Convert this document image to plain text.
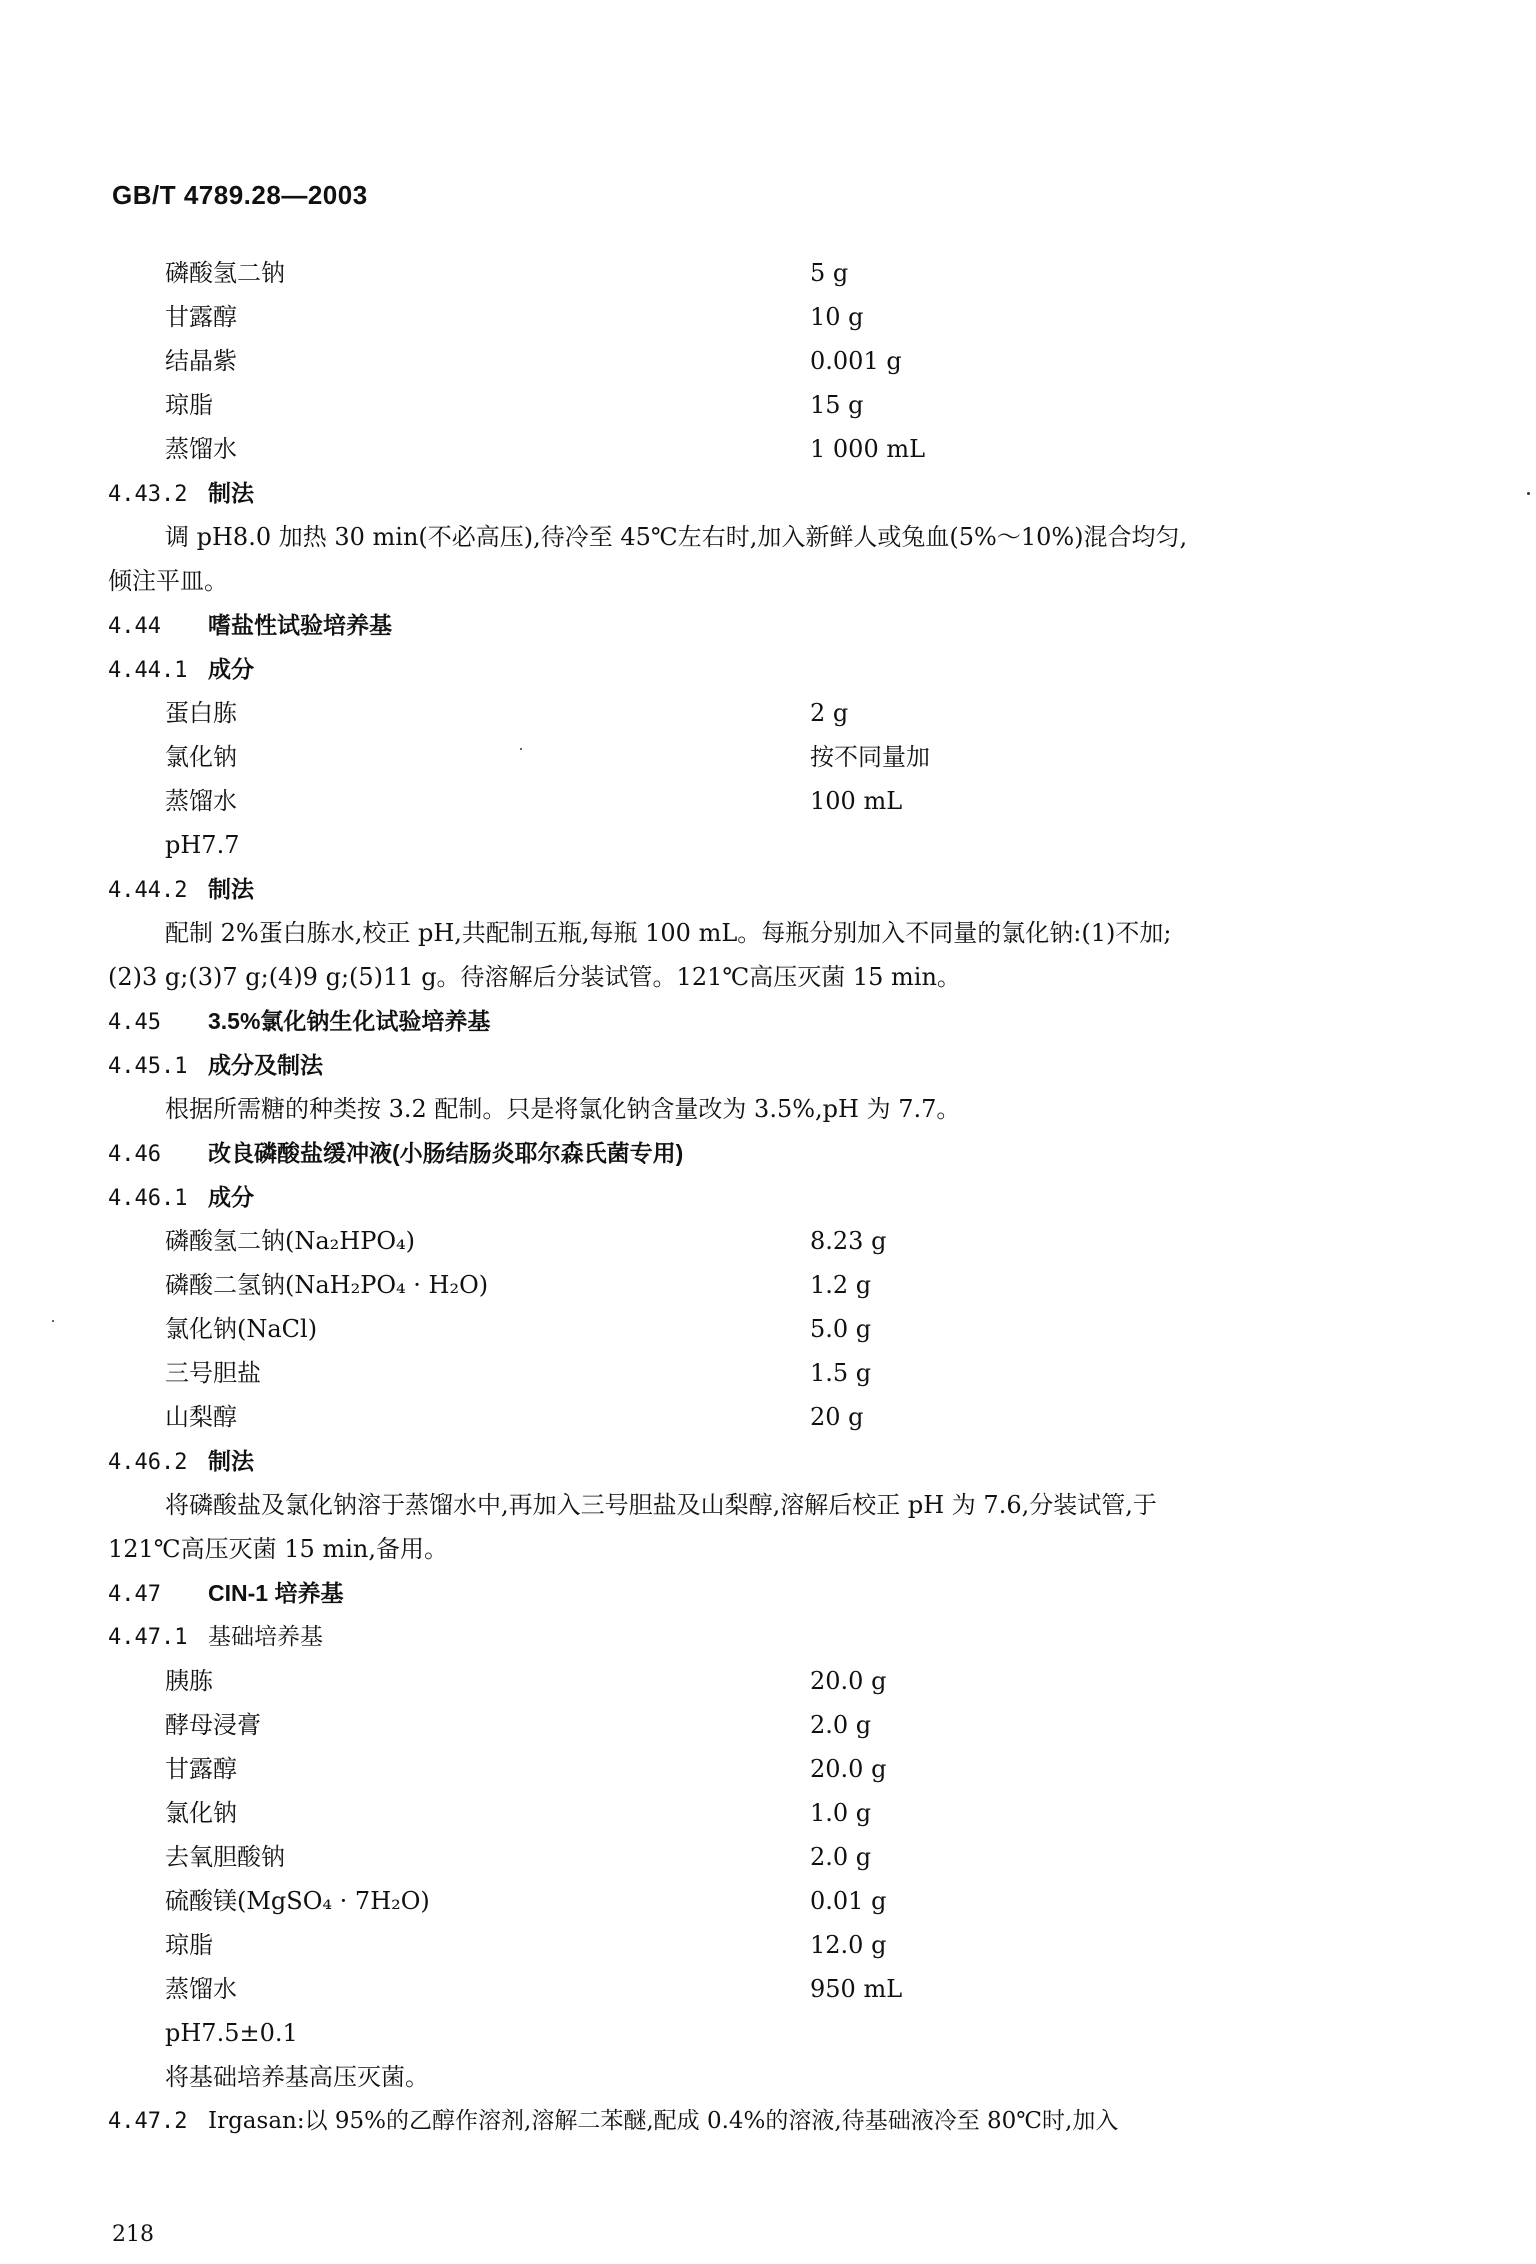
GB/T 4789.28—2003
磷酸氢二钠	5 g
甘露醇	10 g
结晶紫	0.001 g
琼脂	15 g
蒸馏水	1 000 mL
4.43.2 制法
调 pH8.0 加热 30 min(不必高压),待冷至 45℃左右时,加入新鲜人或兔血(5%～10%)混合均匀,
倾注平皿。
4.44 嗜盐性试验培养基
4.44.1 成分
蛋白胨	2 g
氯化钠	按不同量加
蒸馏水	100 mL
pH7.7
4.44.2 制法
配制 2%蛋白胨水,校正 pH,共配制五瓶,每瓶 100 mL。每瓶分别加入不同量的氯化钠:(1)不加;
(2)3 g;(3)7 g;(4)9 g;(5)11 g。待溶解后分装试管。121℃高压灭菌 15 min。
4.45 3.5%氯化钠生化试验培养基
4.45.1 成分及制法
根据所需糖的种类按 3.2 配制。只是将氯化钠含量改为 3.5%,pH 为 7.7。
4.46 改良磷酸盐缓冲液(小肠结肠炎耶尔森氏菌专用)
4.46.1 成分
磷酸氢二钠(Na₂HPO₄)	8.23 g
磷酸二氢钠(NaH₂PO₄ · H₂O)	1.2 g
氯化钠(NaCl)	5.0 g
三号胆盐	1.5 g
山梨醇	20 g
4.46.2 制法
将磷酸盐及氯化钠溶于蒸馏水中,再加入三号胆盐及山梨醇,溶解后校正 pH 为 7.6,分装试管,于
121℃高压灭菌 15 min,备用。
4.47 CIN-1 培养基
4.47.1 基础培养基
胰胨	20.0 g
酵母浸膏	2.0 g
甘露醇	20.0 g
氯化钠	1.0 g
去氧胆酸钠	2.0 g
硫酸镁(MgSO₄ · 7H₂O)	0.01 g
琼脂	12.0 g
蒸馏水	950 mL
pH7.5±0.1
将基础培养基高压灭菌。
4.47.2 Irgasan:以 95%的乙醇作溶剂,溶解二苯醚,配成 0.4%的溶液,待基础液冷至 80℃时,加入
218
